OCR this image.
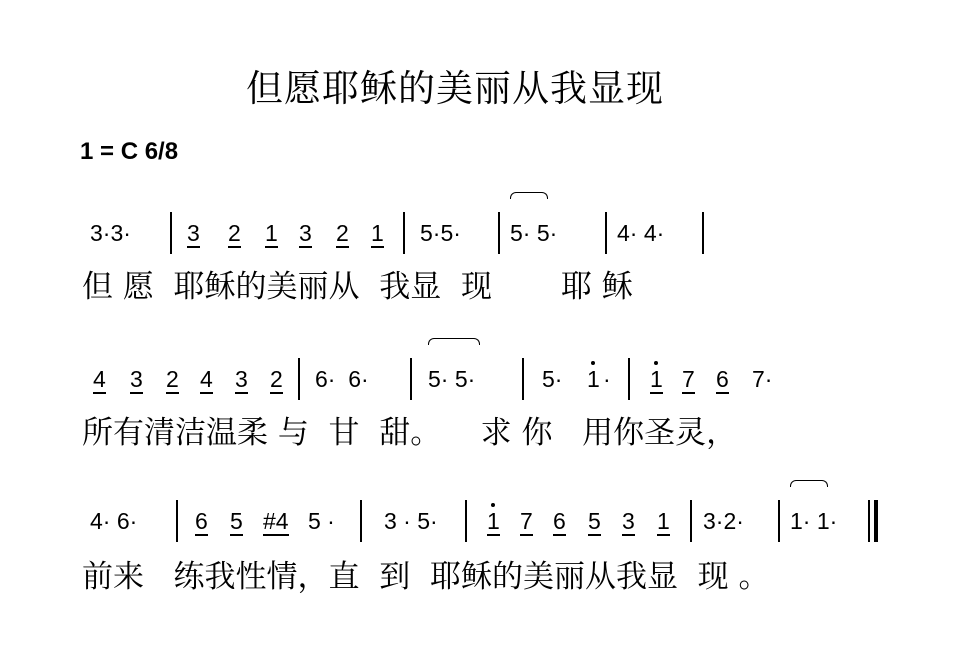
但愿耶稣的美丽从我显现
1 = C 6/8
3·3· 3 2 1 3 2 1 5·5· 5· 5·	4· 4·
但 愿  耶稣的美丽从  我显  现       耶 稣
4 3 2 4 3 2 6·  6·	5· 5·	5· 1 · 1 7 6 7·
所有清洁温柔 与  甘  甜。    求 你   用你圣灵，
4· 6·	6 5 #4 5 · 3 · 5· 1 7 6 5 3 1 3·2· 1· 1·
前来   练我性情，直  到  耶稣的美丽从我显  现 。
